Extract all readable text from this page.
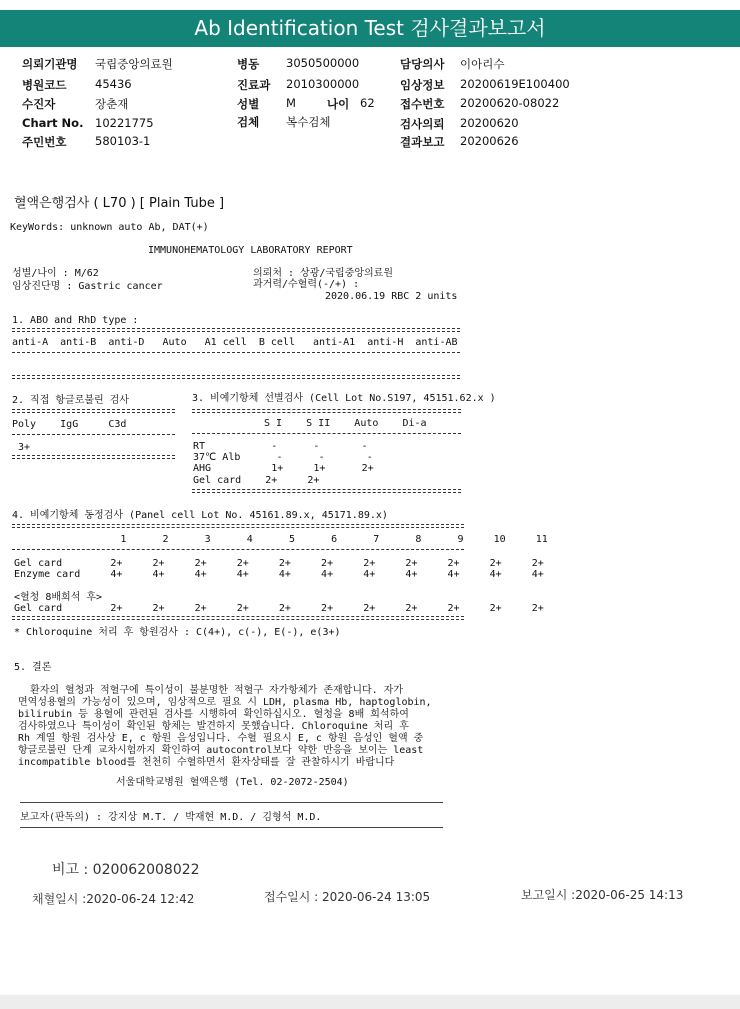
Ab Identification Test 검사결과보고서
의뢰기관명 국립중앙의료원	병동 3050500000	담당의사 이아리수
병원코드 45436	진료과 2010300000	임상정보 20200619E100400
수진자	장춘재	성별 M	나이 62 접수번호 20200620-08022
Chart No. 10221775	검체 복수검체	검사의뢰 20200620
주민번호 580103-1	결과보고 20200626
혈액은행검사 ( L70 ) [ Plain Tube ]
KeyWords: unknown auto Ab, DAT(+)
IMMUNOHEMATOLOGY LABORATORY REPORT
성별/나이 : M/62
임상진단명 : Gastric cancer
의뢰처 : 상광/국립중앙의료원
과거력/수혈력(-/+) :
2020.06.19 RBC 2 units
1. ABO and RhD type :
anti-A  anti-B  anti-D   Auto   A1 cell  B cell   anti-A1  anti-H  anti-AB
2. 직접 항글로불린 검사
Poly    IgG     C3d
3+
3. 비예기항체 선별검사 (Cell Lot No.S197, 45151.62.x )
S I    S II    Auto    Di-a
RT           -      -       -
37℃ Alb      -      -       -
AHG          1+     1+      2+
Gel card    2+     2+
4. 비예기항체 동정검사 (Panel cell Lot No. 45161.89.x, 45171.89.x)
1      2      3      4      5      6      7      8      9     10     11
Gel card        2+     2+     2+     2+     2+     2+     2+     2+     2+     2+     2+
Enzyme card     4+     4+     4+     4+     4+     4+     4+     4+     4+     4+     4+
<혈청 8배희석 후>
Gel card        2+     2+     2+     2+     2+     2+     2+     2+     2+     2+     2+
* Chloroquine 처리 후 항원검사 : C(4+), c(-), E(-), e(3+)
5. 결론
환자의 혈청과 적혈구에 특이성이 불분명한 적혈구 자가항체가 존재합니다. 자가
면역성용혈의 가능성이 있으며, 임상적으로 필요 시 LDH, plasma Hb, haptoglobin,
bilirubin 등 용혈에 관련된 검사를 시행하여 확인하십시오. 혈청을 8배 희석하여
검사하였으나 특이성이 확인된 항체는 발견하지 못했습니다. Chloroquine 처리 후
Rh 계열 항원 검사상 E, c 항원 음성입니다. 수혈 필요시 E, c 항원 음성인 혈액 중
항글로불린 단계 교차시험까지 확인하여 autocontrol보다 약한 반응을 보이는 least
incompatible blood를 천천히 수혈하면서 환자상태를 잘 관찰하시기 바랍니다
서울대학교병원 혈액은행 (Tel. 02-2072-2504)
보고자(판독의) : 강지상 M.T. / 박재현 M.D. / 김형석 M.D.
비고 : 020062008022
채혈일시 :2020-06-24 12:42	접수일시 : 2020-06-24 13:05	보고일시 :2020-06-25 14:13
